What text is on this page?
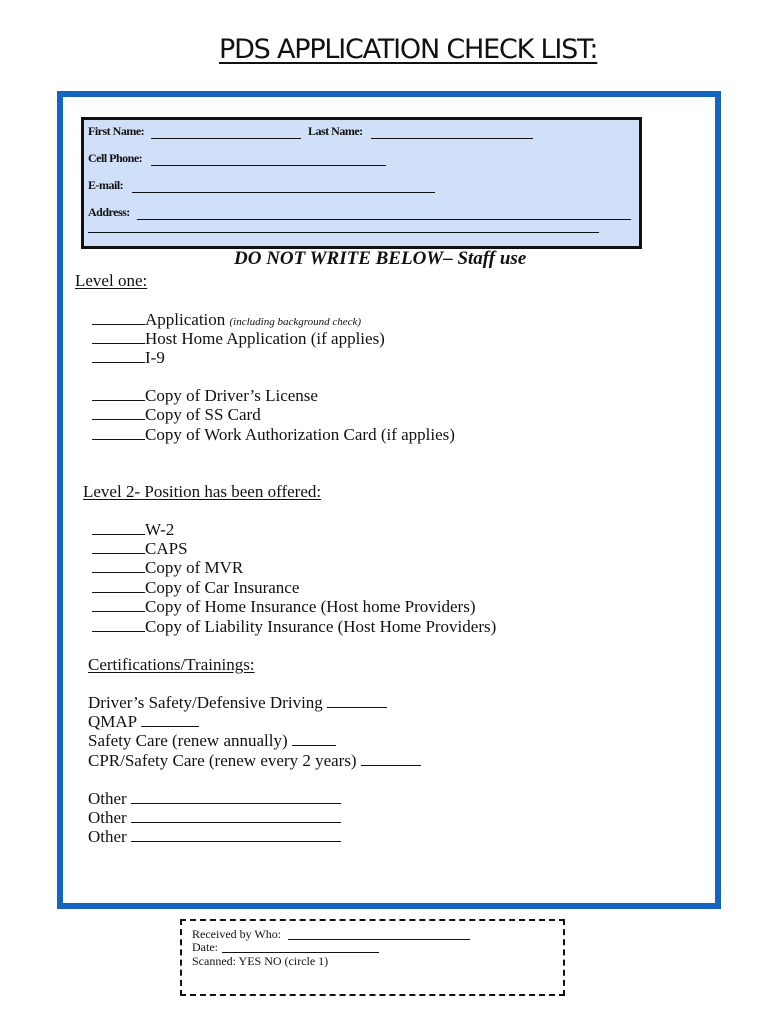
PDS APPLICATION CHECK LIST:
First Name:	Last Name:
Cell Phone:
E-mail:
Address:
DO NOT WRITE BELOW– Staff use
Level one:
Application (including background check)
Host Home Application (if applies)
I-9
Copy of Driver’s License
Copy of SS Card
Copy of Work Authorization Card (if applies)
Level 2- Position has been offered:
W-2
CAPS
Copy of MVR
Copy of Car Insurance
Copy of Home Insurance (Host home Providers)
Copy of Liability Insurance (Host Home Providers)
Certifications/Trainings:
Driver’s Safety/Defensive Driving
QMAP
Safety Care (renew annually)
CPR/Safety Care (renew every 2 years)
Other
Other
Other
Received by Who:
Date:
Scanned: YES NO (circle 1)
